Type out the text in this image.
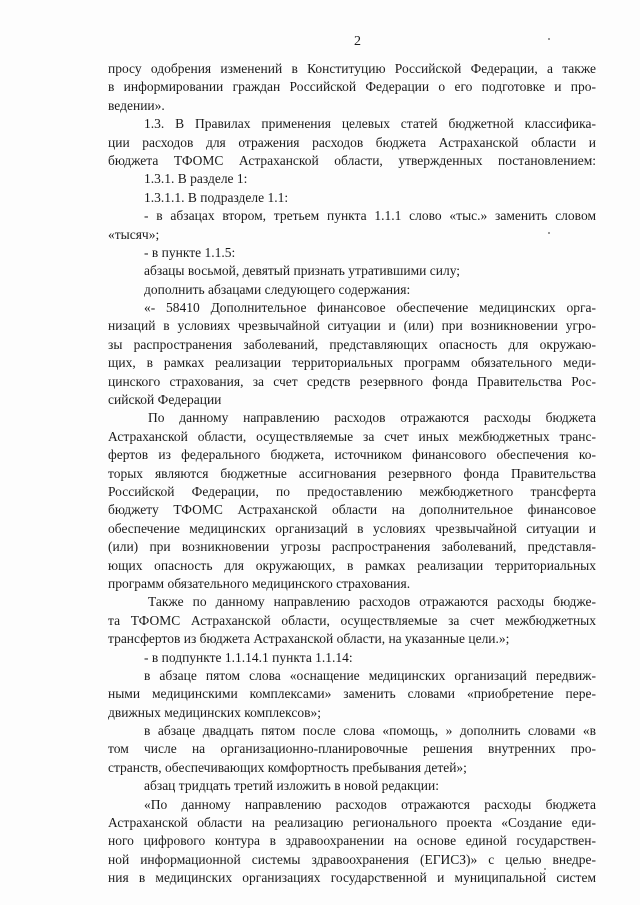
2
просу одобрения изменений в Конституцию Российской Федерации, а также
в информировании граждан Российской Федерации о его подготовке и про-
ведении».
1.3. В Правилах применения целевых статей бюджетной классифика-
ции расходов для отражения расходов бюджета Астраханской области и
бюджета ТФОМС Астраханской области, утвержденных постановлением:
1.3.1. В разделе 1:
1.3.1.1. В подразделе 1.1:
- в абзацах втором, третьем пункта 1.1.1 слово «тыс.» заменить словом
«тысяч»;
- в пункте 1.1.5:
абзацы восьмой, девятый признать утратившими силу;
дополнить абзацами следующего содержания:
«- 58410 Дополнительное финансовое обеспечение медицинских орга-
низаций в условиях чрезвычайной ситуации и (или) при возникновении угро-
зы распространения заболеваний, представляющих опасность для окружаю-
щих, в рамках реализации территориальных программ обязательного меди-
цинского страхования, за счет средств резервного фонда Правительства Рос-
сийской Федерации
По данному направлению расходов отражаются расходы бюджета
Астраханской области, осуществляемые за счет иных межбюджетных транс-
фертов из федерального бюджета, источником финансового обеспечения ко-
торых являются бюджетные ассигнования резервного фонда Правительства
Российской Федерации, по предоставлению межбюджетного трансферта
бюджету ТФОМС Астраханской области на дополнительное финансовое
обеспечение медицинских организаций в условиях чрезвычайной ситуации и
(или) при возникновении угрозы распространения заболеваний, представля-
ющих опасность для окружающих, в рамках реализации территориальных
программ обязательного медицинского страхования.
Также по данному направлению расходов отражаются расходы бюдже-
та ТФОМС Астраханской области, осуществляемые за счет межбюджетных
трансфертов из бюджета Астраханской области, на указанные цели.»;
- в подпункте 1.1.14.1 пункта 1.1.14:
в абзаце пятом слова «оснащение медицинских организаций передвиж-
ными медицинскими комплексами» заменить словами «приобретение пере-
движных медицинских комплексов»;
в абзаце двадцать пятом после слова «помощь, » дополнить словами «в
том числе на организационно-планировочные решения внутренних про-
странств, обеспечивающих комфортность пребывания детей»;
абзац тридцать третий изложить в новой редакции:
«По данному направлению расходов отражаются расходы бюджета
Астраханской области на реализацию регионального проекта «Создание еди-
ного цифрового контура в здравоохранении на основе единой государствен-
ной информационной системы здравоохранения (ЕГИСЗ)» с целью внедре-
ния в медицинских организациях государственной и муниципальной систем
